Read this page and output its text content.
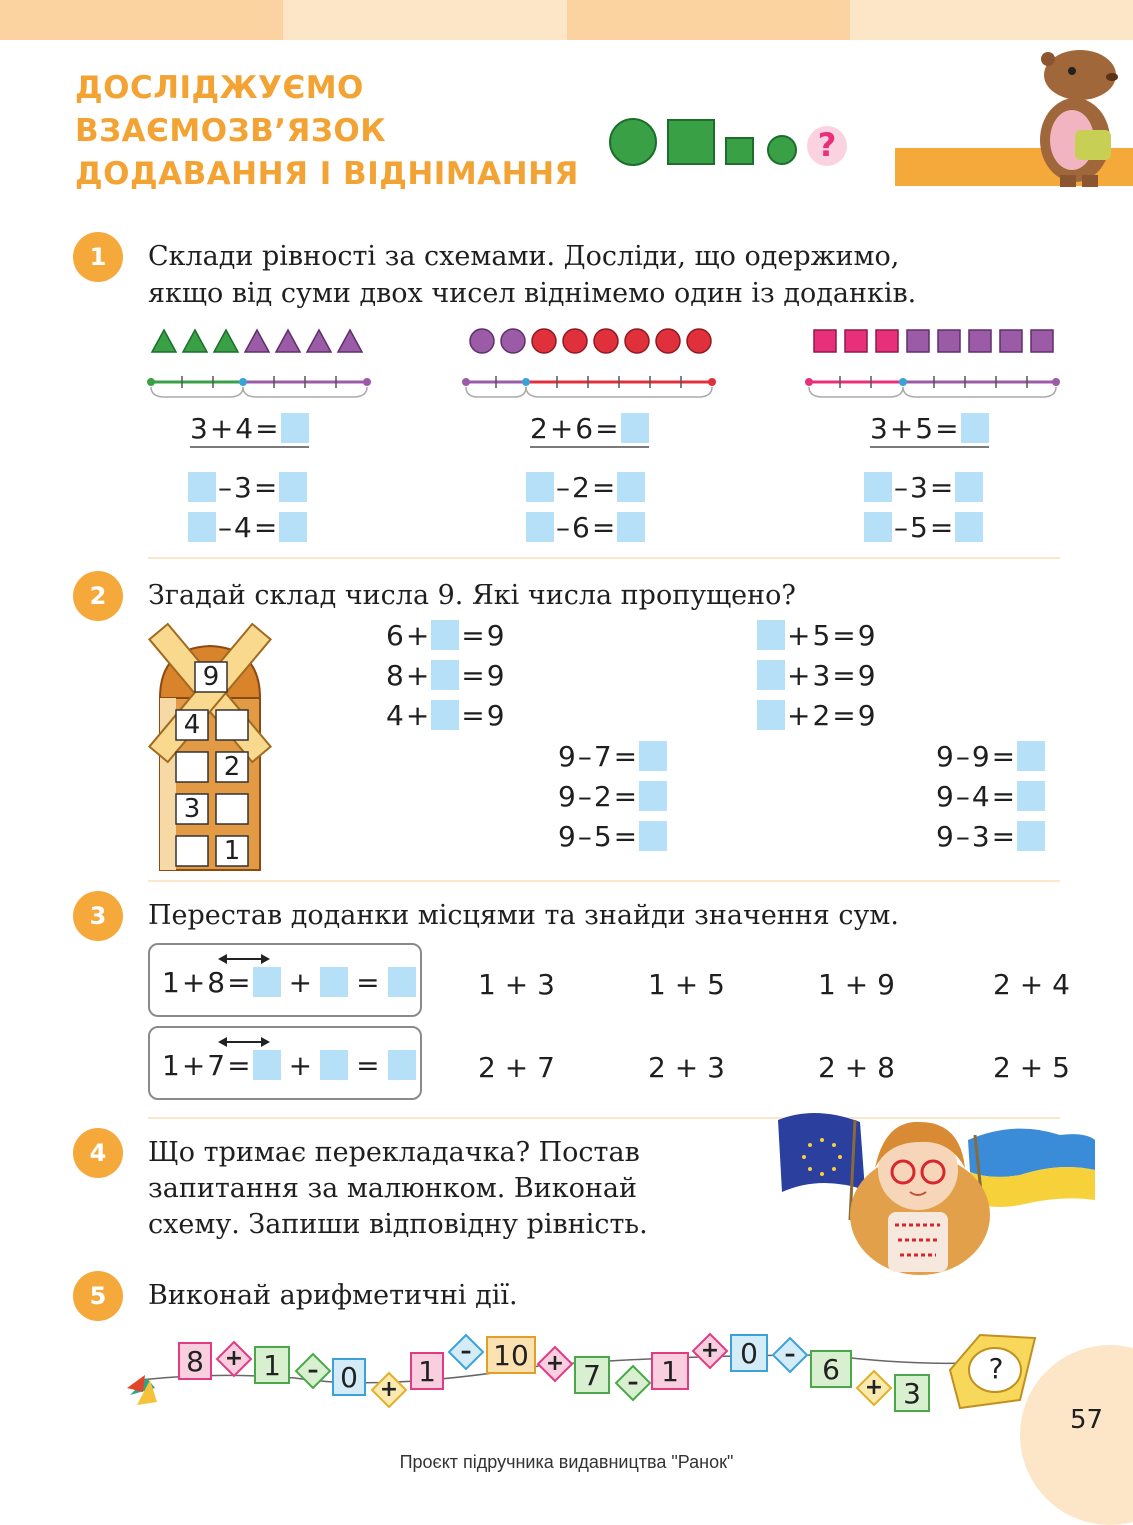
ДОСЛІДЖУЄМО
ВЗАЄМОЗВ’ЯЗОК
ДОДАВАННЯ І ВІДНІМАННЯ
?
1	Склади рівності за схемами. Досліди, що одержимо,
якщо від суми двох чисел віднімемо один із доданків.
3 + 4 =
– 3 =
– 4 =
2 + 6 =
– 2 =
– 6 =
3 + 5 =
– 3 =
– 5 =
2	Згадай склад числа 9. Які числа пропущено?
9
4
2
3
1
6 + = 9
8 + = 9
4 + = 9
+ 5 = 9
+ 3 = 9
+ 2 = 9
9 – 7 =
9 – 2 =
9 – 5 =
9 – 9 =
9 – 4 =
9 – 3 =
3	Перестав доданки місцями та знайди значення сум.
1 + 8 = + =
1 + 7 = + =
1 + 3	1 + 5	1 + 9	2 + 4
2 + 7	2 + 3	2 + 8	2 + 5
4	Що тримає перекладачка? Постав
запитання за малюнком. Виконай
схему. Запиши відповідну рівність.
5	Виконай арифметичні дії.
8 + 1	– 0 +
1
– 10 + 7	– 1
+ 0	– 6
+ 3
?
57
Проєкт підручника видавництва "Ранок"
